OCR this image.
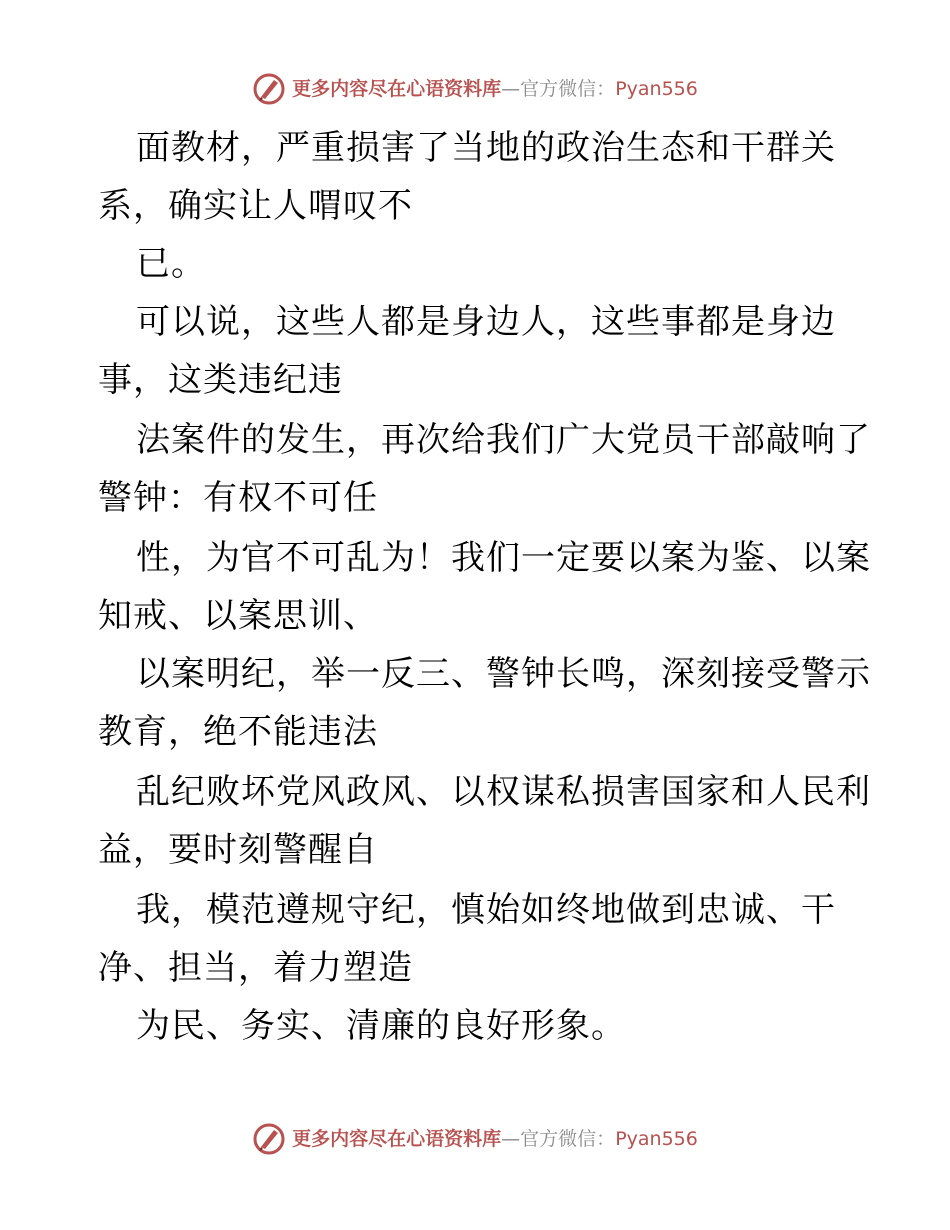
更多内容尽在心语资料库—官方微信：Pyan556
面教材，严重损害了当地的政治生态和干群关
系，确实让人喟叹不
已。
可以说，这些人都是身边人，这些事都是身边
事，这类违纪违
法案件的发生，再次给我们广大党员干部敲响了
警钟：有权不可任
性，为官不可乱为！我们一定要以案为鉴、以案
知戒、以案思训、
以案明纪，举一反三、警钟长鸣，深刻接受警示
教育，绝不能违法
乱纪败坏党风政风、以权谋私损害国家和人民利
益，要时刻警醒自
我，模范遵规守纪，慎始如终地做到忠诚、干
净、担当，着力塑造
为民、务实、清廉的良好形象。
更多内容尽在心语资料库—官方微信：Pyan556
